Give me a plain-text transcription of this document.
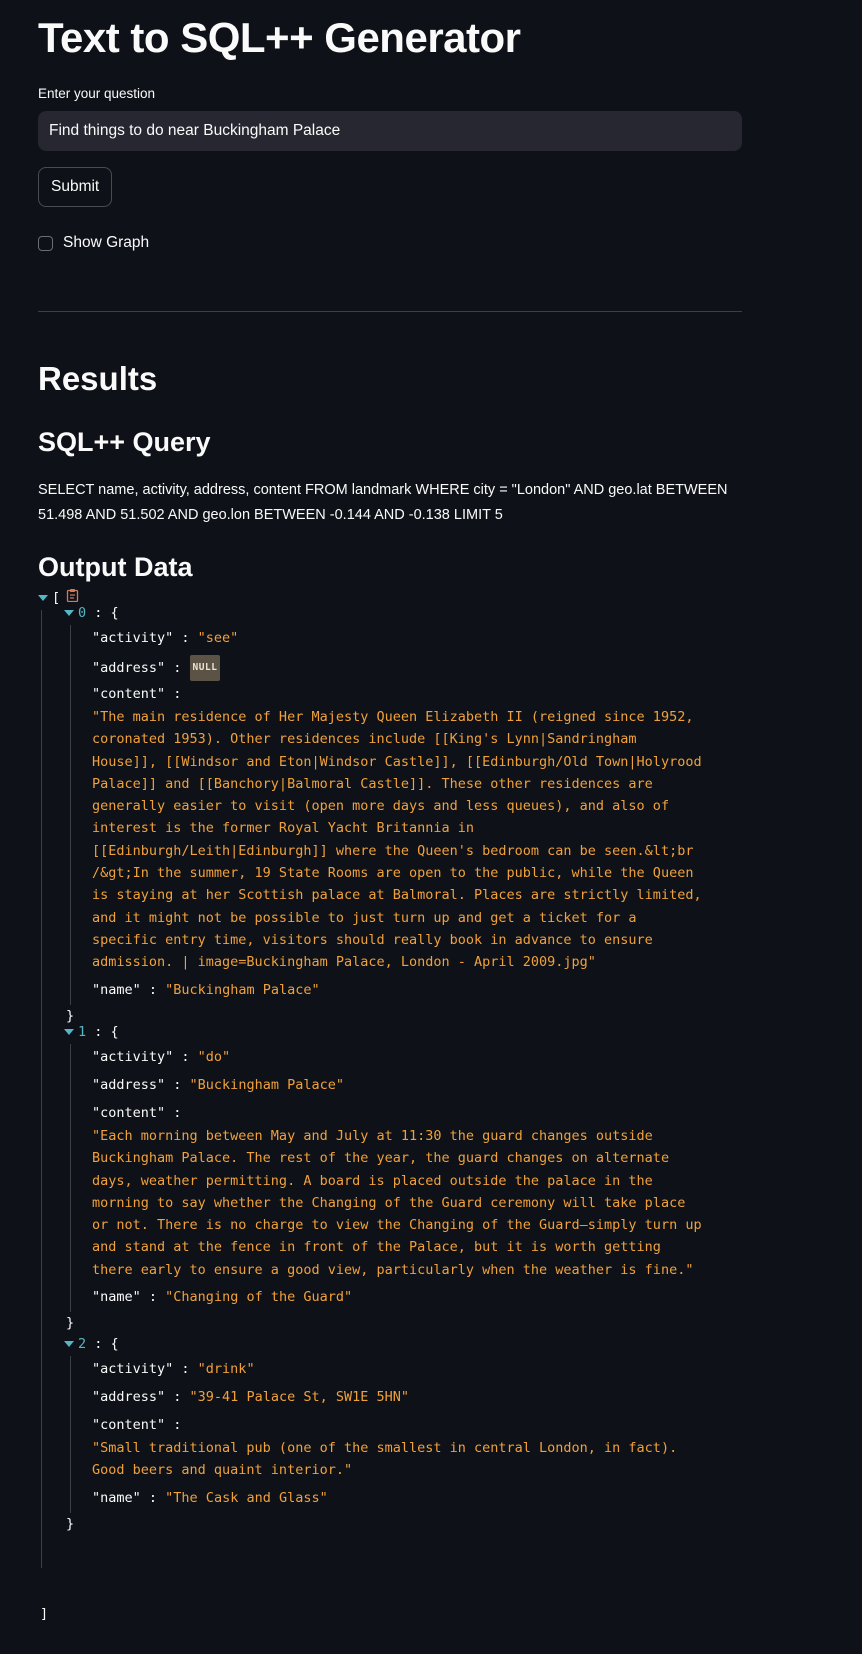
Text to SQL++ Generator
Enter your question
Find things to do near Buckingham Palace
Submit
Show Graph
Results
SQL++ Query
SELECT name, activity, address, content FROM landmark WHERE city = "London" AND geo.lat BETWEEN 51.498 AND 51.502 AND geo.lon BETWEEN -0.144 AND -0.138 LIMIT 5
Output Data
[
0 : {
"activity" : "see"
"address" : NULL
"content" :
"The main residence of Her Majesty Queen Elizabeth II (reigned since 1952,
coronated 1953). Other residences include [[King's Lynn|Sandringham
House]], [[Windsor and Eton|Windsor Castle]], [[Edinburgh/Old Town|Holyrood
Palace]] and [[Banchory|Balmoral Castle]]. These other residences are
generally easier to visit (open more days and less queues), and also of
interest is the former Royal Yacht Britannia in
[[Edinburgh/Leith|Edinburgh]] where the Queen's bedroom can be seen.&lt;br
/&gt;In the summer, 19 State Rooms are open to the public, while the Queen
is staying at her Scottish palace at Balmoral. Places are strictly limited,
and it might not be possible to just turn up and get a ticket for a
specific entry time, visitors should really book in advance to ensure
admission. | image=Buckingham Palace, London - April 2009.jpg"
"name" : "Buckingham Palace"
}
1 : {
"activity" : "do"
"address" : "Buckingham Palace"
"content" :
"Each morning between May and July at 11:30 the guard changes outside
Buckingham Palace. The rest of the year, the guard changes on alternate
days, weather permitting. A board is placed outside the palace in the
morning to say whether the Changing of the Guard ceremony will take place
or not. There is no charge to view the Changing of the Guard—simply turn up
and stand at the fence in front of the Palace, but it is worth getting
there early to ensure a good view, particularly when the weather is fine."
"name" : "Changing of the Guard"
}
2 : {
"activity" : "drink"
"address" : "39-41 Palace St, SW1E 5HN"
"content" :
"Small traditional pub (one of the smallest in central London, in fact).
Good beers and quaint interior."
"name" : "The Cask and Glass"
}
]
